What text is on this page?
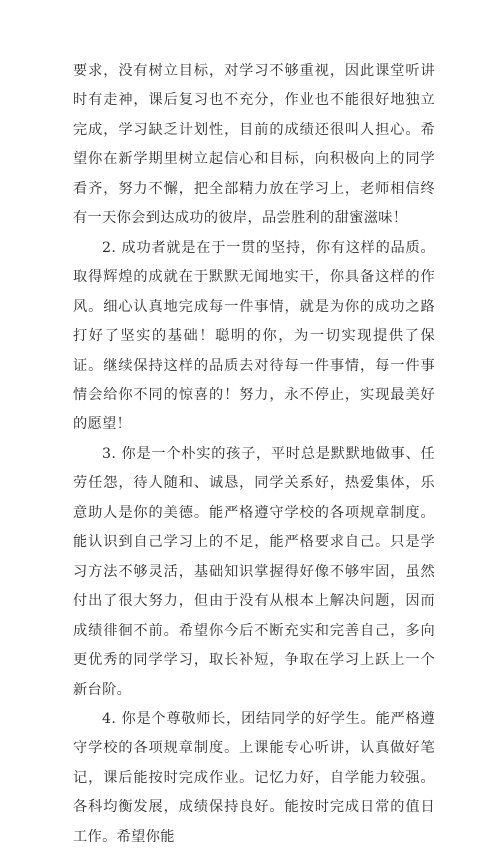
要求，没有树立目标，对学习不够重视，因此课堂听讲时有走神，课后复习也不充分，作业也不能很好地独立完成，学习缺乏计划性，目前的成绩还很叫人担心。希望你在新学期里树立起信心和目标，向积极向上的同学看齐，努力不懈，把全部精力放在学习上，老师相信终有一天你会到达成功的彼岸，品尝胜利的甜蜜滋味！

2. 成功者就是在于一贯的坚持，你有这样的品质。取得辉煌的成就在于默默无闻地实干，你具备这样的作风。细心认真地完成每一件事情，就是为你的成功之路打好了坚实的基础！聪明的你，为一切实现提供了保证。继续保持这样的品质去对待每一件事情，每一件事情会给你不同的惊喜的！努力，永不停止，实现最美好的愿望！

3. 你是一个朴实的孩子，平时总是默默地做事、任劳任怨，待人随和、诚恳，同学关系好，热爱集体，乐意助人是你的美德。能严格遵守学校的各项规章制度。能认识到自己学习上的不足，能严格要求自己。只是学习方法不够灵活，基础知识掌握得好像不够牢固，虽然付出了很大努力，但由于没有从根本上解决问题，因而成绩徘徊不前。希望你今后不断充实和完善自己，多向更优秀的同学学习，取长补短，争取在学习上跃上一个新台阶。

4. 你是个尊敬师长，团结同学的好学生。能严格遵守学校的各项规章制度。上课能专心听讲，认真做好笔记，课后能按时完成作业。记忆力好，自学能力较强。各科均衡发展，成绩保持良好。能按时完成日常的值日工作。希望你能
